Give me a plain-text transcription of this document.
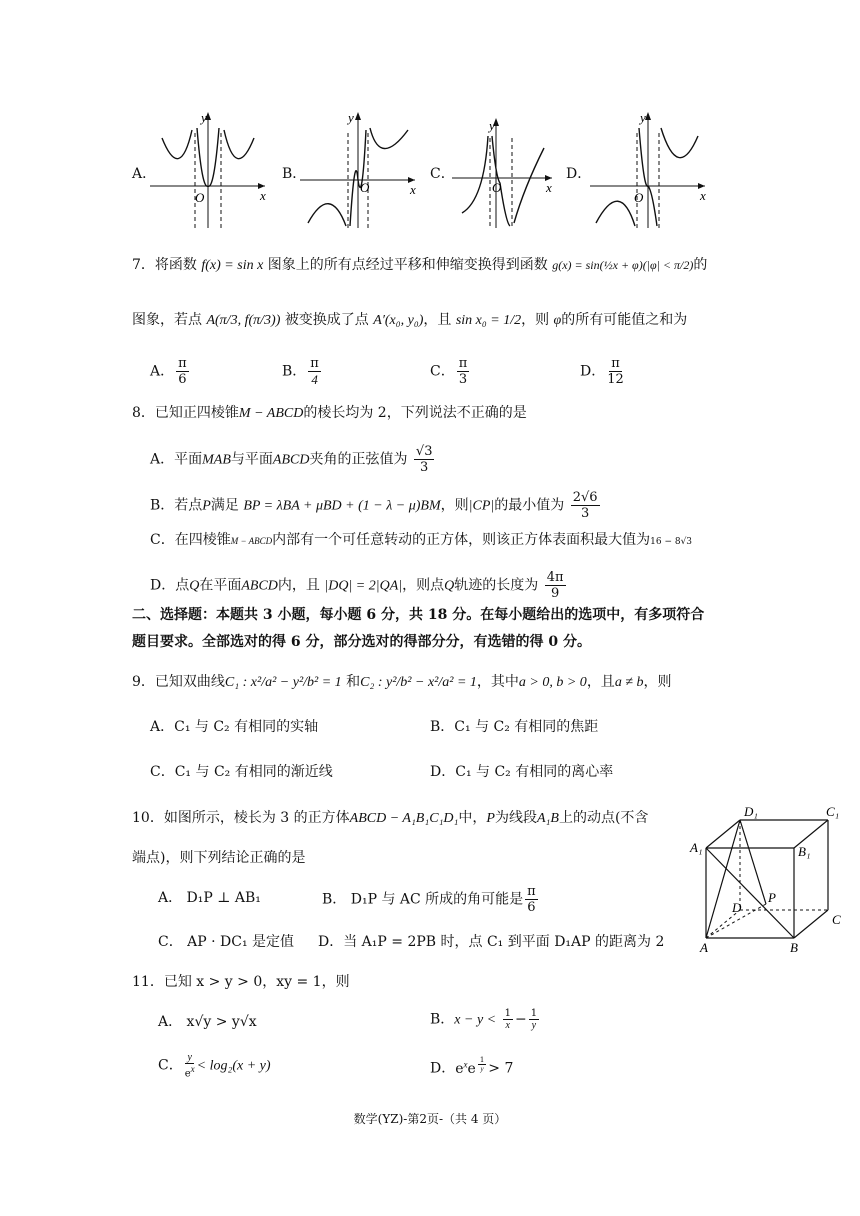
A．	B．	C．	D．
y
x
O
y
x
O
y
x
O
y
x
O
7．将函数 f(x) = sin x 图象上的所有点经过平移和伸缩变换得到函数 g(x) = sin(½x + φ)(|φ| < π/2)的
图象，若点 A(π/3, f(π/3)) 被变换成了点 A′(x₀, y₀)，且 sin x₀ = 1/2，则 φ的所有可能值之和为
A． $\frac{\pi}{6}$	B． $\frac{\pi}{4}$	C． $\frac{\pi}{3}$	D． $\frac{\pi}{12}$
8．已知正四棱锥M − ABCD的棱长均为 2，下列说法不正确的是
A．平面MAB与平面ABCD夹角的正弦值为 $\frac{√3}{3}$
B．若点P满足 BP = λBA + μBD + (1 − λ − μ)BM，则|CP|的最小值为 $\frac{2√6}{3}$
C．在四棱锥M − ABCD内部有一个可任意转动的正方体，则该正方体表面积最大值为16 − 8√3
D．点Q在平面ABCD内，且 |DQ| = 2|QA|，则点Q轨迹的长度为 $\frac{4\pi}{9}$
二、选择题：本题共 3 小题，每小题 6 分，共 18 分。在每小题给出的选项中，有多项符合
题目要求。全部选对的得 6 分，部分选对的得部分分，有选错的得 0 分。
9．已知双曲线C₁ : x²/a² − y²/b² = 1 和C₂ : y²/b² − x²/a² = 1，其中a > 0, b > 0，且a ≠ b，则
A．C₁ 与 C₂ 有相同的实轴	B．C₁ 与 C₂ 有相同的焦距
C．C₁ 与 C₂ 有相同的渐近线	D．C₁ 与 C₂ 有相同的离心率
10．如图所示，棱长为 3 的正方体ABCD − A₁B₁C₁D₁中，P为线段A₁B上的动点(不含
端点)，则下列结论正确的是
A． D₁P ⊥ AB₁	B． D₁P 与 AC 所成的角可能是 $\frac{\pi}{6}$
C． AP · DC₁ 是定值 D．当 A₁P = 2PB 时，点 C₁ 到平面 D₁AP 的距离为 2
D₁	C₁
A₁	B₁
D
P
C
A	B
11．已知 x > y > 0，xy = 1，则
A． x√y > y√x	B．$x - y < \frac{1}{x} - \frac{1}{y}$
C． $\frac{y}{e^x} < \log_2(x + y)$	D．$e^xe$ $^{\frac{1}{y}}$ > 7
数学(YZ)-第2页-（共 4 页）
